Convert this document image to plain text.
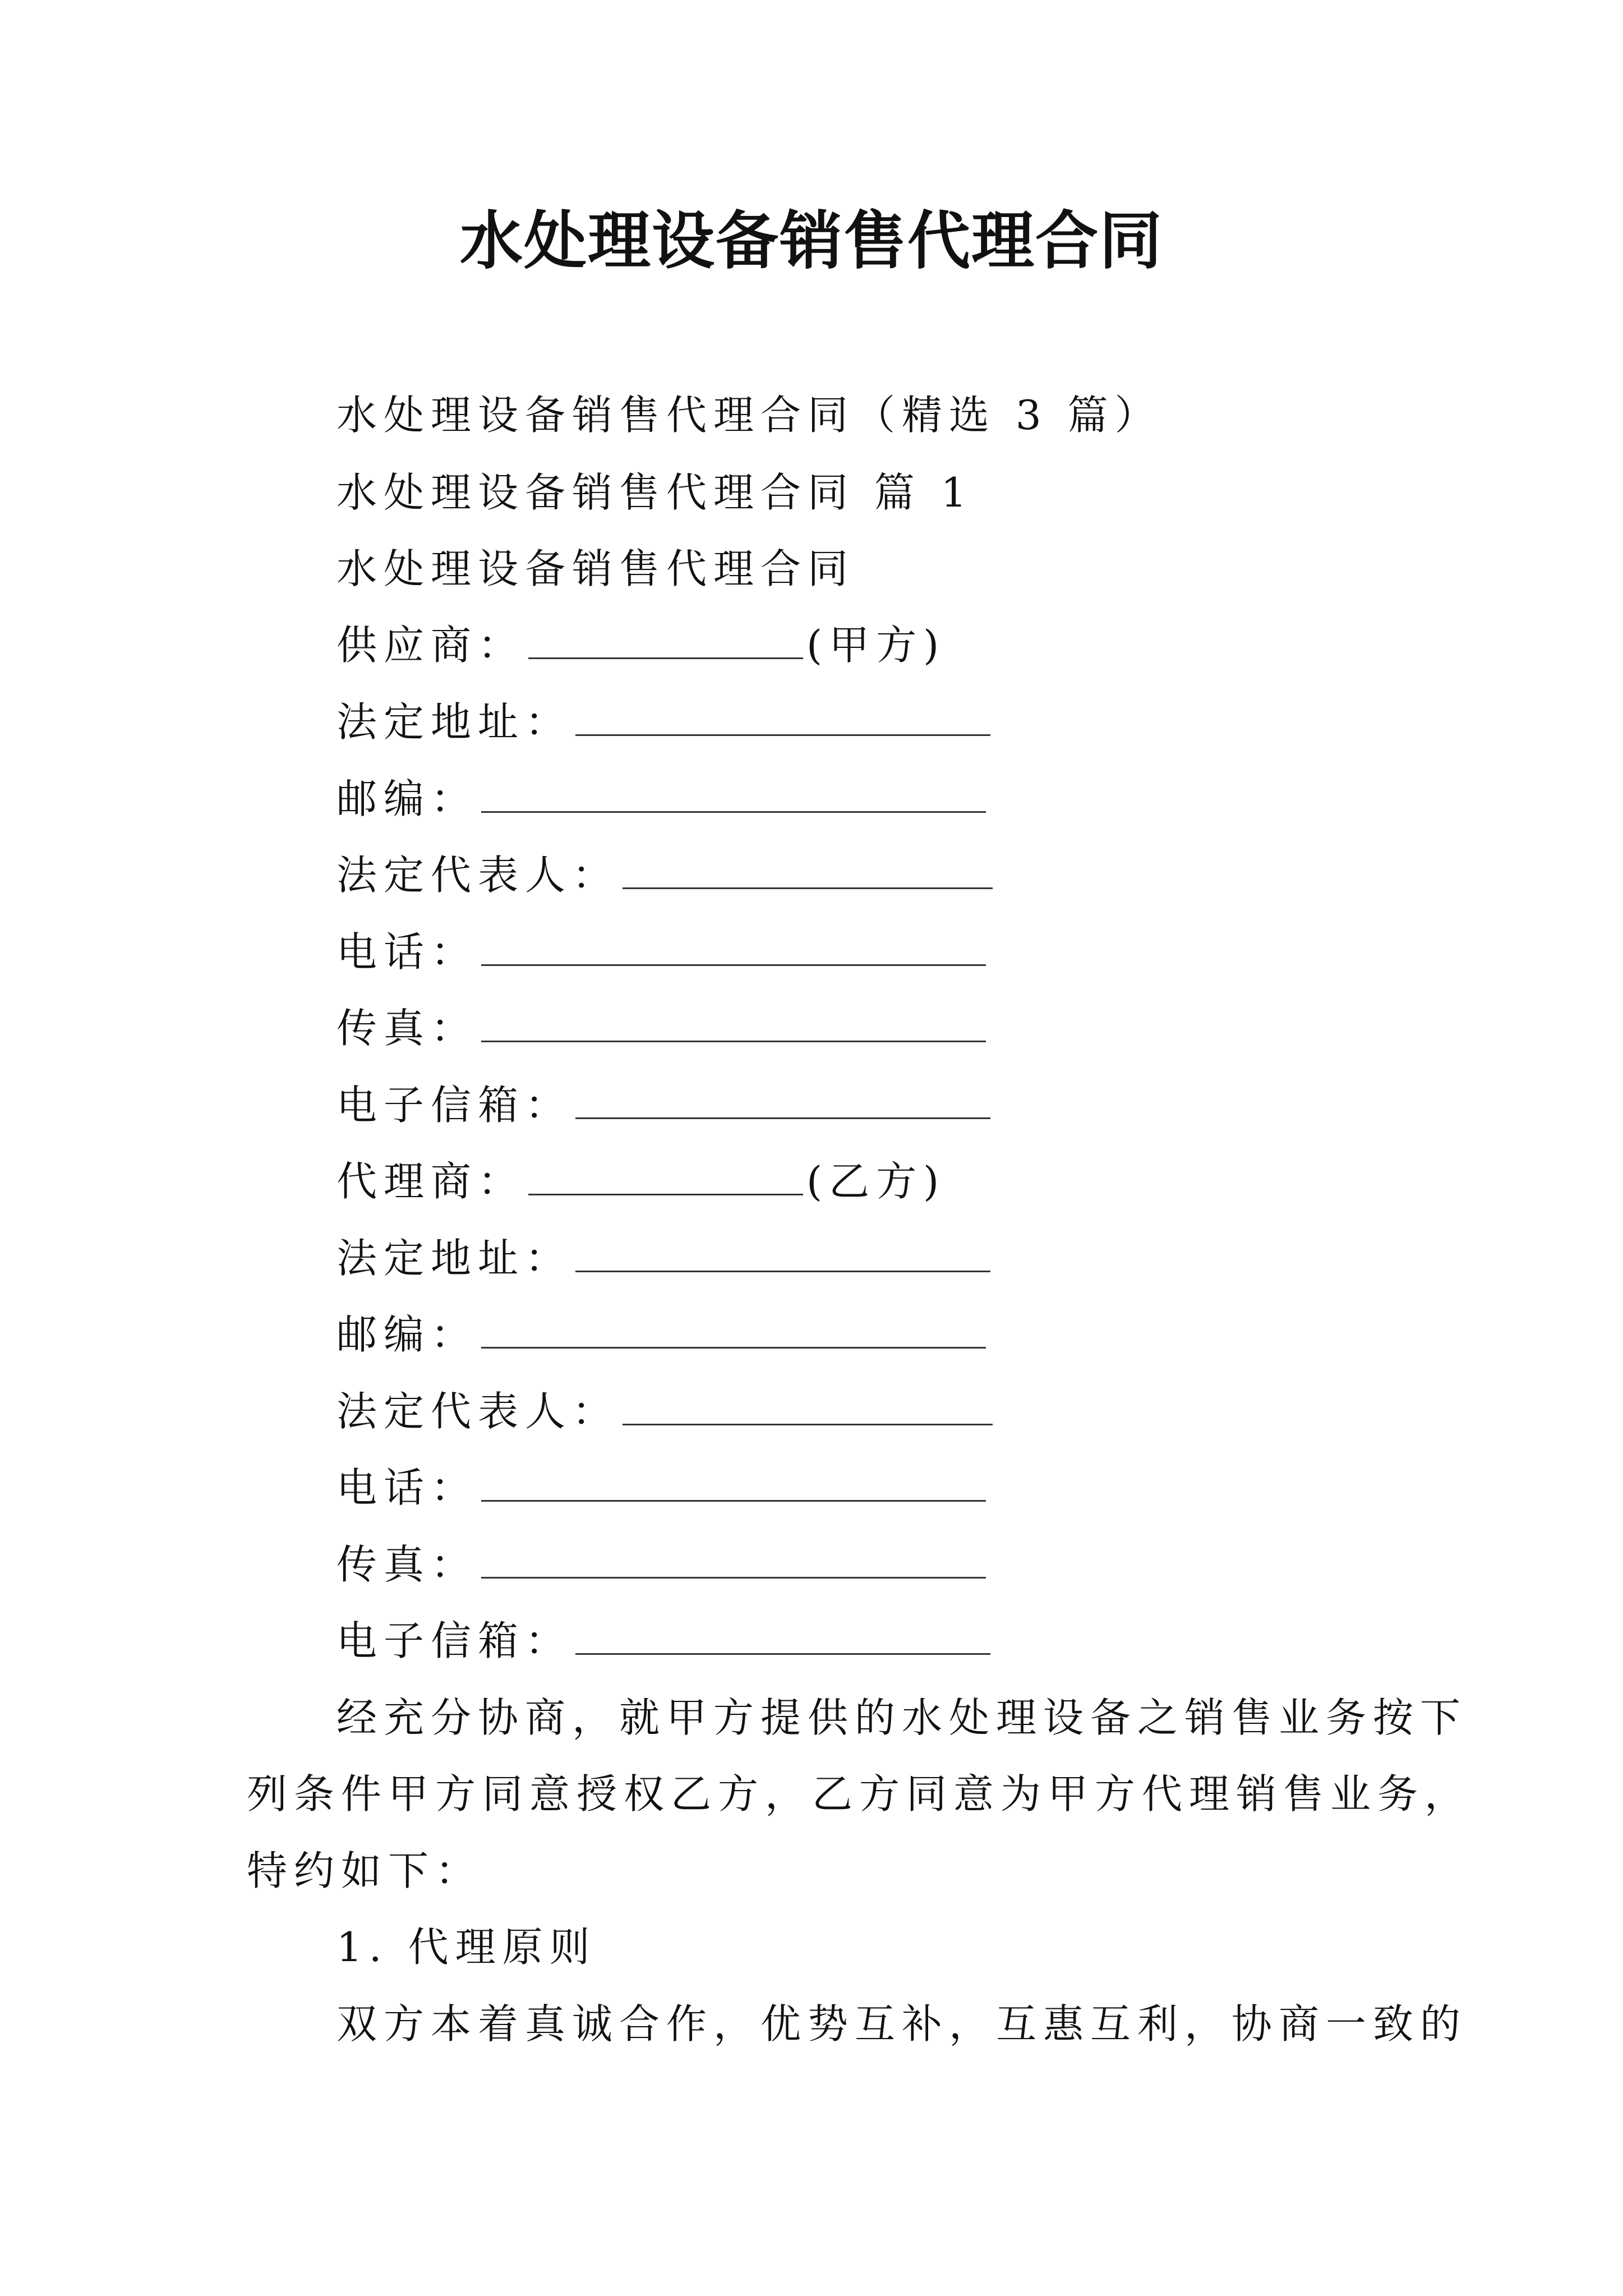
水处理设备销售代理合同
水处理设备销售代理合同（精选 3 篇）
水处理设备销售代理合同 篇 1
水处理设备销售代理合同
供应商：	(甲方)
法定地址：
邮编：
法定代表人：
电话：
传真：
电子信箱：
代理商：	(乙方)
法定地址：
邮编：
法定代表人：
电话：
传真：
电子信箱：
经充分协商，就甲方提供的水处理设备之销售业务按下
列条件甲方同意授权乙方，乙方同意为甲方代理销售业务，
特约如下：
1. 代理原则
双方本着真诚合作，优势互补，互惠互利，协商一致的
